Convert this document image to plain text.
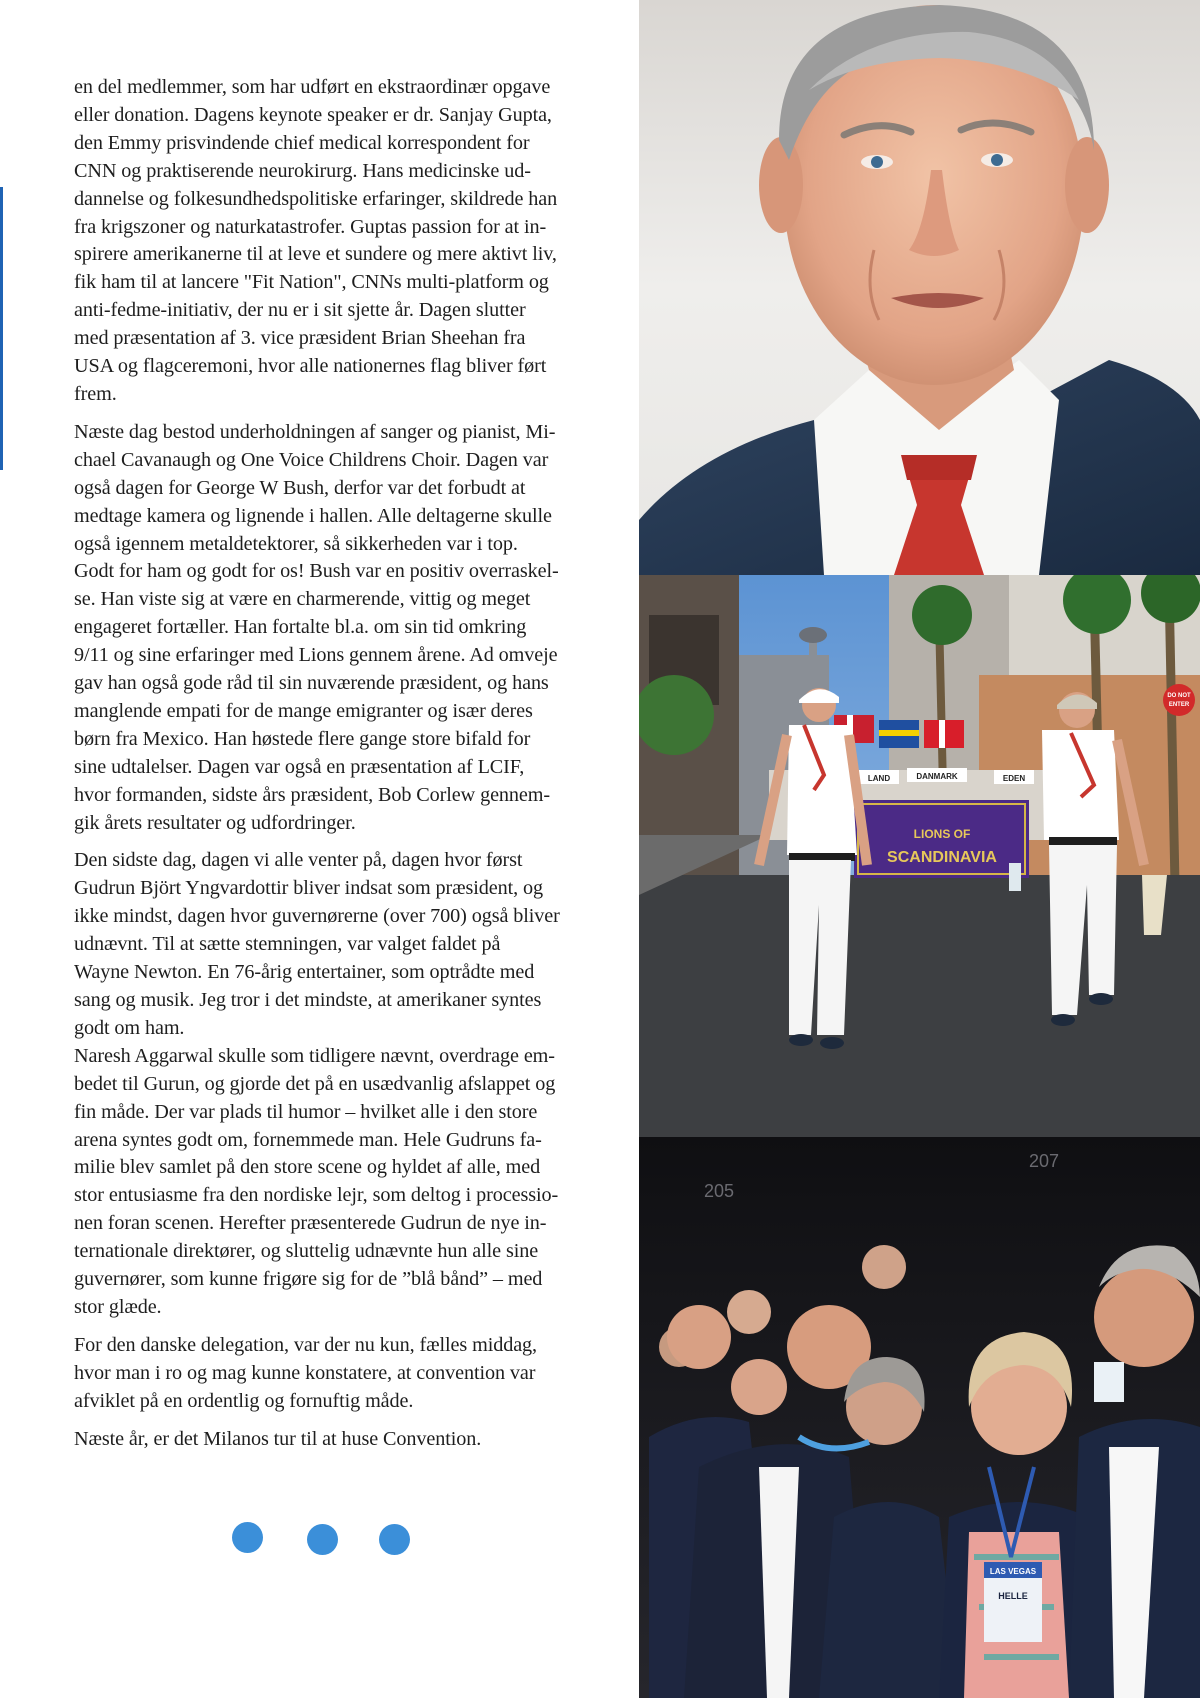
en del medlemmer, som har udført en ekstraordinær opgave
eller donation. Dagens keynote speaker er dr. Sanjay Gupta,
den Emmy prisvindende chief medical korrespondent for
CNN og praktiserende neurokirurg. Hans medicinske ud-
dannelse og folkesundhedspolitiske erfaringer, skildrede han
fra krigszoner og naturkatastrofer. Guptas passion for at in-
spirere amerikanerne til at leve et sundere og mere aktivt liv,
fik ham til at lancere "Fit Nation", CNNs multi-platform og
anti-fedme-initiativ, der nu er i sit sjette år. Dagen slutter
med præsentation af 3. vice præsident Brian Sheehan fra
USA og flagceremoni, hvor alle nationernes flag bliver ført
frem.

Næste dag bestod underholdningen af sanger og pianist, Mi-
chael Cavanaugh og One Voice Childrens Choir. Dagen var
også dagen for George W Bush, derfor var det forbudt at
medtage kamera og lignende i hallen. Alle deltagerne skulle
også igennem metaldetektorer, så sikkerheden var i top.
Godt for ham og godt for os! Bush var en positiv overraskel-
se. Han viste sig at være en charmerende, vittig og meget
engageret fortæller. Han fortalte bl.a. om sin tid omkring
9/11 og sine erfaringer med Lions gennem årene. Ad omveje
gav han også gode råd til sin nuværende præsident, og hans
manglende empati for de mange emigranter og især deres
børn fra Mexico. Han høstede flere gange store bifald for
sine udtalelser. Dagen var også en præsentation af LCIF,
hvor formanden, sidste års præsident, Bob Corlew gennem-
gik årets resultater og udfordringer.

Den sidste dag, dagen vi alle venter på, dagen hvor først
Gudrun Björt Yngvardottir bliver indsat som præsident, og
ikke mindst, dagen hvor guvernørerne (over 700) også bliver
udnævnt. Til at sætte stemningen, var valget faldet på
Wayne Newton. En 76-årig entertainer, som optrådte med
sang og musik. Jeg tror i det mindste, at amerikaner syntes
godt om ham.
Naresh Aggarwal skulle som tidligere nævnt, overdrage em-
bedet til Gurun, og gjorde det på en usædvanlig afslappet og
fin måde. Der var plads til humor – hvilket alle i den store
arena syntes godt om, fornemmede man. Hele Gudruns fa-
milie blev samlet på den store scene og hyldet af alle, med
stor entusiasme fra den nordiske lejr, som deltog i processio-
nen foran scenen. Herefter præsenterede Gudrun de nye in-
ternationale direktører, og sluttelig udnævnte hun alle sine
guvernører, som kunne frigøre sig for de ”blå bånd” – med
stor glæde.

For den danske delegation, var der nu kun, fælles middag,
hvor man i ro og mag kunne konstatere, at convention var
afviklet på en ordentlig og fornuftig måde.

Næste år, er det Milanos tur til at huse Convention.

LIONS OF
SCANDINAVIA
LAND	DANMARK	EDEN
DO NOT
ENTER
205
207
LAS VEGAS
HELLE
